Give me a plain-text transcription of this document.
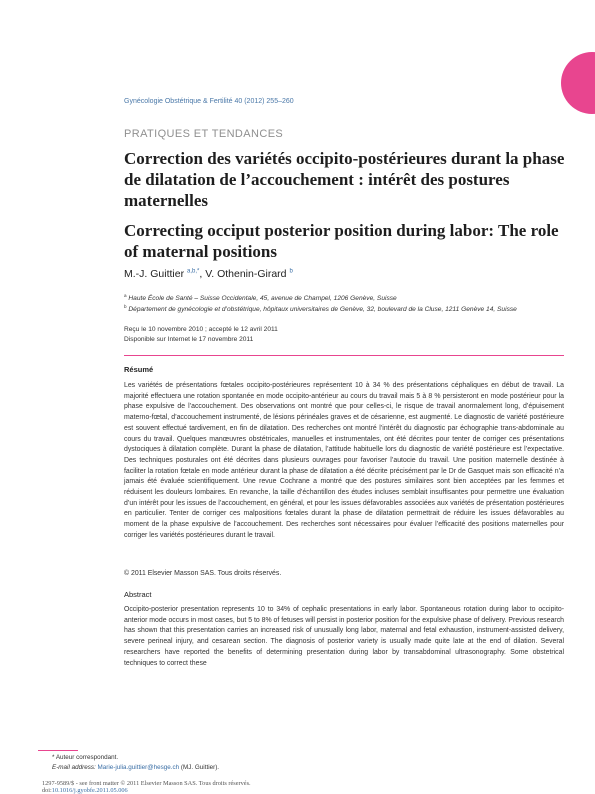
Gynécologie Obstétrique & Fertilité 40 (2012) 255–260
PRATIQUES ET TENDANCES
Correction des variétés occipito-postérieures durant la phase de dilatation de l’accouchement : intérêt des postures maternelles
Correcting occiput posterior position during labor: The role of maternal positions
M.-J. Guittier $^{a,b,*}$, V. Othenin-Girard $^b$
$^a$ Haute École de Santé – Suisse Occidentale, 45, avenue de Champel, 1206 Genève, Suisse
$^b$ Département de gynécologie et d’obstétrique, hôpitaux universitaires de Genève, 32, boulevard de la Cluse, 1211 Genève 14, Suisse
Reçu le 10 novembre 2010 ; accepté le 12 avril 2011
Disponible sur Internet le 17 novembre 2011
Résumé

Les variétés de présentations fœtales occipito-postérieures représentent 10 à 34 % des présentations céphaliques en début de travail. La majorité effectuera une rotation spontanée en mode occipito-antérieur au cours du travail mais 5 à 8 % persisteront en mode postérieur pour la phase expulsive de l’accouchement. Des observations ont montré que pour celles-ci, le risque de travail anormalement long, d’épuisement materno-fœtal, d’accouchement instrumenté, de lésions périnéales graves et de césarienne, est augmenté. Le diagnostic de variété postérieure est souvent effectué tardivement, en fin de dilatation. Des recherches ont montré l’intérêt du diagnostic par échographie trans-abdominale au cours du travail. Quelques manœuvres obstétricales, manuelles et instrumentales, ont été décrites pour tenter de corriger ces présentations dystociques à dilatation complète. Durant la phase de dilatation, l’attitude habituelle lors du diagnostic de variété postérieure est l’expectative. Des techniques posturales ont été décrites dans plusieurs ouvrages pour favoriser l’autocie du travail. Une position maternelle destinée à faciliter la rotation fœtale en mode antérieur durant la phase de dilatation a été décrite précisément par le Dr de Gasquet mais son efficacité n’a jamais été évaluée scientifiquement. Une revue Cochrane a montré que des postures similaires sont bien acceptées par les femmes et réduisent les douleurs lombaires. En revanche, la taille d’échantillon des études incluses semblait insuffisantes pour permettre une évaluation d’un intérêt pour les issues de l’accouchement, en général, et pour les issues défavorables associées aux variétés de présentation postérieures en particulier. Tenter de corriger ces malpositions fœtales durant la phase de dilatation permettrait de réduire les issues défavorables au moment de la phase expulsive de l’accouchement. Des recherches sont nécessaires pour évaluer l’efficacité des positions maternelles pour corriger les variétés postérieures durant le travail.

© 2011 Elsevier Masson SAS. Tous droits réservés.
Abstract

Occipito-posterior presentation represents 10 to 34% of cephalic presentations in early labor. Spontaneous rotation during labor to occipito-anterior mode occurs in most cases, but 5 to 8% of fetuses will persist in posterior position for the expulsive phase of delivery. Previous research has shown that this presentation carries an increased risk of unusually long labor, maternal and fetal exhaustion, instrument-assisted delivery, severe perineal injury, and cesarean section. The diagnosis of posterior variety is usually made quite late at the end of dilation. Several researchers have reported the benefits of determining presentation during labor by transabdominal ultrasonography. Some obstetrical techniques to correct these

* Auteur correspondant.
E-mail address: Marie-julia.guittier@hesge.ch (MJ. Guittier).
1297-9589/$ - see front matter © 2011 Elsevier Masson SAS. Tous droits réservés.
doi:10.1016/j.gyobfe.2011.05.006
